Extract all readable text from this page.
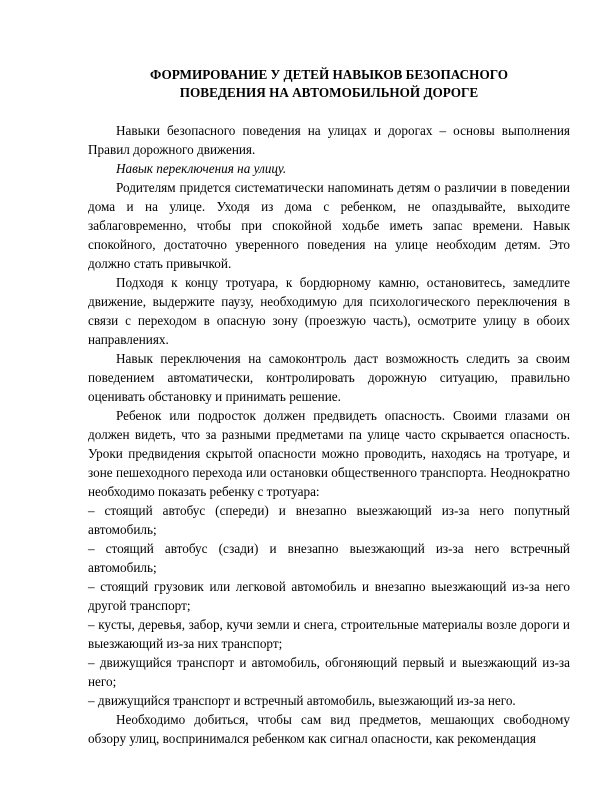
ФОРМИРОВАНИЕ У ДЕТЕЙ НАВЫКОВ БЕЗОПАСНОГО
ПОВЕДЕНИЯ НА АВТОМОБИЛЬНОЙ ДОРОГЕ

Навыки безопасного поведения на улицах и дорогах – основы выполнения Правил дорожного движения.

Навык переключения на улицу.

Родителям придется систематически напоминать детям о различии в поведении дома и на улице. Уходя из дома с ребенком, не опаздывайте, выходите заблаговременно, чтобы при спокойной ходьбе иметь запас времени. Навык спокойного, достаточно уверенного поведения на улице необходим детям. Это должно стать привычкой.

Подходя к концу тротуара, к бордюрному камню, остановитесь, замедлите движение, выдержите паузу, необходимую для психологического переключения в связи с переходом в опасную зону (проезжую часть), осмотрите улицу в обоих направлениях.

Навык переключения на самоконтроль даст возможность следить за своим поведением автоматически, контролировать дорожную ситуацию, правильно оценивать обстановку и принимать решение.

Ребенок или подросток должен предвидеть опасность. Своими глазами он должен видеть, что за разными предметами па улице часто скрывается опасность. Уроки предвидения скрытой опасности можно проводить, находясь на тротуаре, и зоне пешеходного перехода или остановки общественного транспорта. Неоднократно необходимо показать ребенку с тротуара:

– стоящий автобус (спереди) и внезапно выезжающий из-за него попутный автомобиль;

– стоящий автобус (сзади) и внезапно выезжающий из-за него встречный автомобиль;

– стоящий грузовик или легковой автомобиль и внезапно выезжающий из-за него другой транспорт;

– кусты, деревья, забор, кучи земли и снега, строительные материалы возле дороги и выезжающий из-за них транспорт;

– движущийся транспорт и автомобиль, обгоняющий первый и выезжающий из-за него;

– движущийся транспорт и встречный автомобиль, выезжающий из-за него.

Необходимо добиться, чтобы сам вид предметов, мешающих свободному обзору улиц, воспринимался ребенком как сигнал опасности, как рекомендация
